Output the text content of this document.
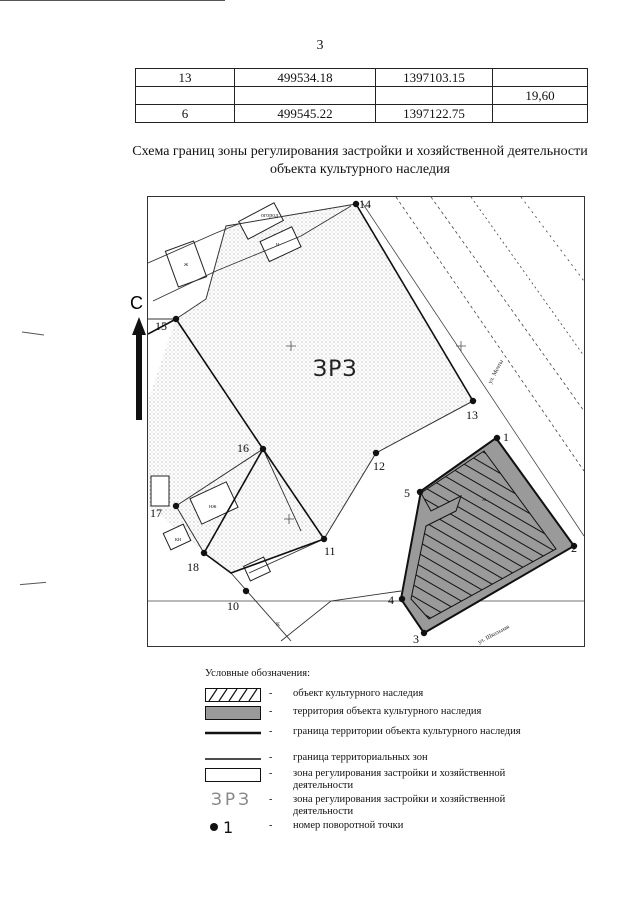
3
13	499534.18	1397103.15	
			19,60
6	499545.22	1397122.75	
Схема границ зоны регулирования застройки и хозяйственной деятельности
объекта культурного наследия
С
1
2
3
4
5
10
11
12
13
14
15
16
17
18
ЗРЗ	ул. Мечты
ул. Школьная
ж
н
кн
нж
ж
К
огород
Условные обозначения:
- объект культурного наследия
- территория объекта культурного наследия
- граница территории объекта культурного наследия
- граница территориальных зон
- зона регулирования застройки и хозяйственной деятельности
ЗРЗ - зона регулирования застройки и хозяйственной деятельности
1	- номер поворотной точки
